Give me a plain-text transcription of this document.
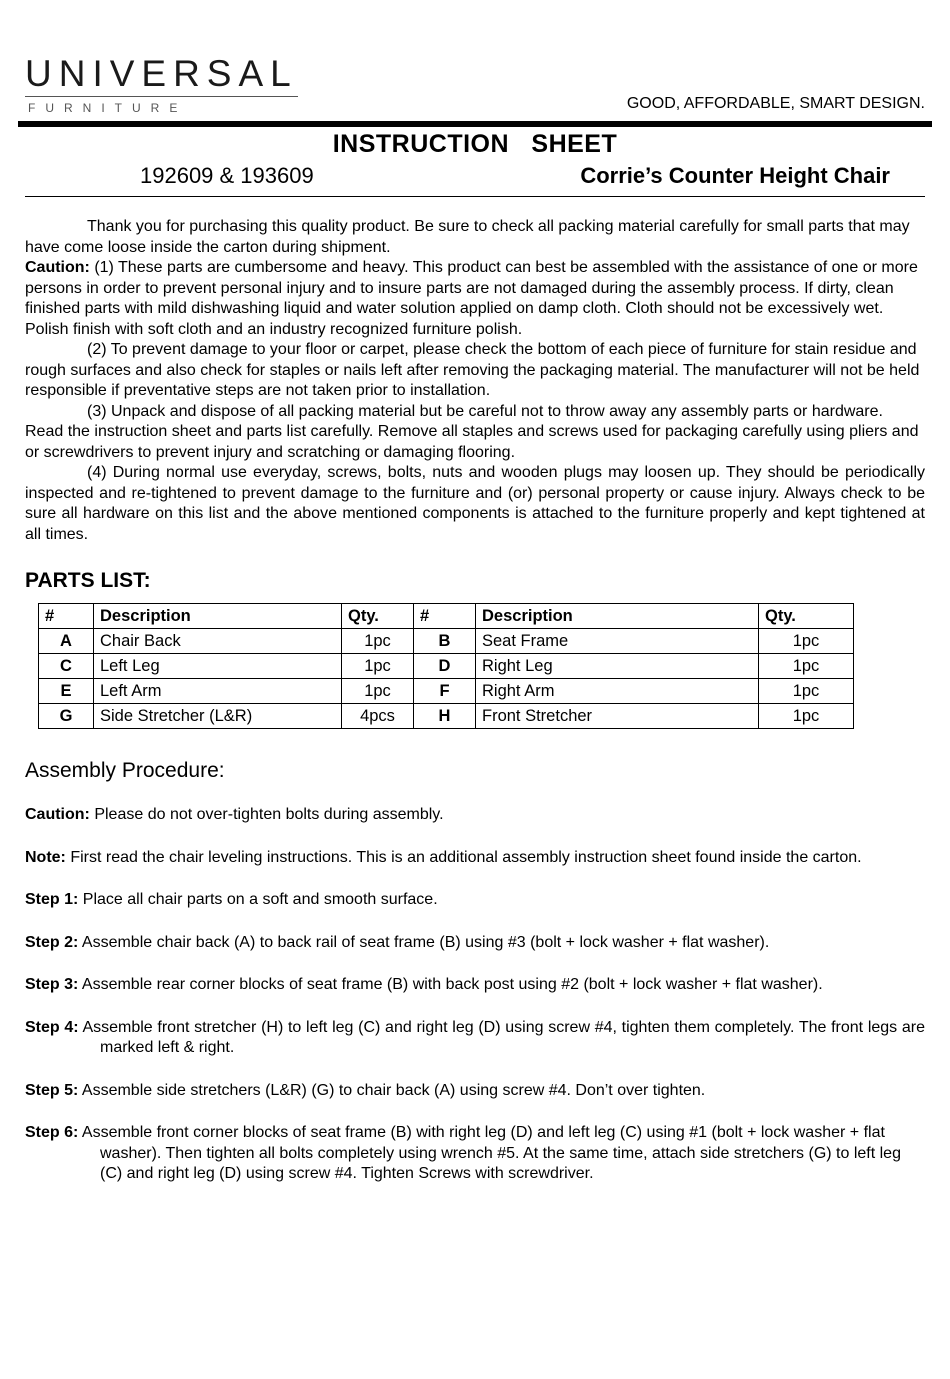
UNIVERSAL
FURNITURE	GOOD, AFFORDABLE, SMART DESIGN.
INSTRUCTION   SHEET
192609 & 193609	Corrie’s Counter Height Chair

Thank you for purchasing this quality product. Be sure to check all packing material carefully for small parts that may have come loose inside the carton during shipment.

Caution: (1) These parts are cumbersome and heavy. This product can best be assembled with the assistance of one or more persons in order to prevent personal injury and to insure parts are not damaged during the assembly process. If dirty, clean finished parts with mild dishwashing liquid and water solution applied on damp cloth. Cloth should not be excessively wet. Polish finish with soft cloth and an industry recognized furniture polish.

(2) To prevent damage to your floor or carpet, please check the bottom of each piece of furniture for stain residue and rough surfaces and also check for staples or nails left after removing the packaging material. The manufacturer will not be held responsible if preventative steps are not taken prior to installation.

(3) Unpack and dispose of all packing material but be careful not to throw away any assembly parts or hardware. Read the instruction sheet and parts list carefully. Remove all staples and screws used for packaging carefully using pliers and or screwdrivers to prevent injury and scratching or damaging flooring.

(4) During normal use everyday, screws, bolts, nuts and wooden plugs may loosen up. They should be periodically inspected and re-tightened to prevent damage to the furniture and (or) personal property or cause injury. Always check to be sure all hardware on this list and the above mentioned components is attached to the furniture properly and kept tightened at all times.

PARTS LIST:
#	Description	Qty.	#	Description	Qty.
A	Chair Back	1pc	B	Seat Frame	1pc
C	Left Leg	1pc	D	Right Leg	1pc
E	Left Arm	1pc	F	Right Arm	1pc
G	Side Stretcher (L&R)	4pcs	H	Front Stretcher	1pc
Assembly Procedure:

Caution: Please do not over-tighten bolts during assembly.

Note: First read the chair leveling instructions. This is an additional assembly instruction sheet found inside the carton.

Step 1: Place all chair parts on a soft and smooth surface.

Step 2: Assemble chair back (A) to back rail of seat frame (B) using #3 (bolt + lock washer + flat washer).

Step 3: Assemble rear corner blocks of seat frame (B) with back post using #2 (bolt + lock washer + flat washer).

Step 4: Assemble front stretcher (H) to left leg (C) and right leg (D) using screw #4, tighten them completely. The front legs are marked left & right.

Step 5: Assemble side stretchers (L&R) (G) to chair back (A) using screw #4. Don’t over tighten.

Step 6: Assemble front corner blocks of seat frame (B) with right leg (D) and left leg (C) using #1 (bolt + lock washer + flat washer). Then tighten all bolts completely using wrench #5. At the same time, attach side stretchers (G) to left leg (C) and right leg (D) using screw #4. Tighten Screws with screwdriver.
